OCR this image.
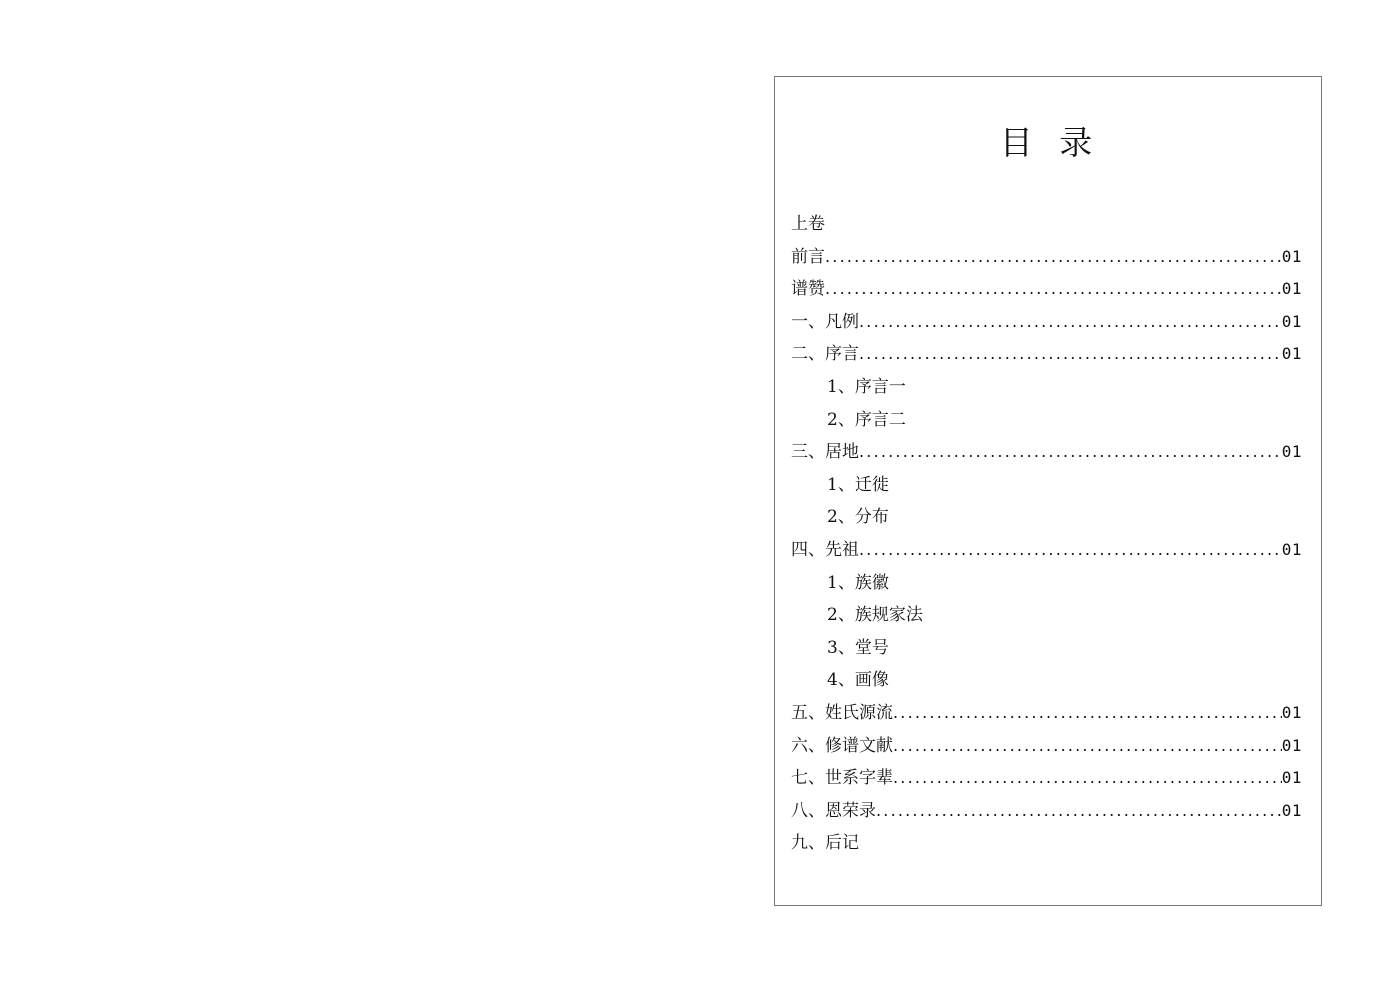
目 录
上卷
前言 .....	01
谱赞 .....	01
一、凡例 .....	01
二、序言 .....	01
1、序言一
2、序言二
三、居地 .....	01
1、迁徙
2、分布
四、先祖 .....	01
1、族徽
2、族规家法
3、堂号
4、画像
五、姓氏源流 .....	01
六、修谱文献 .....	01
七、世系字辈 .....	01
八、恩荣录 .....	01
九、后记
